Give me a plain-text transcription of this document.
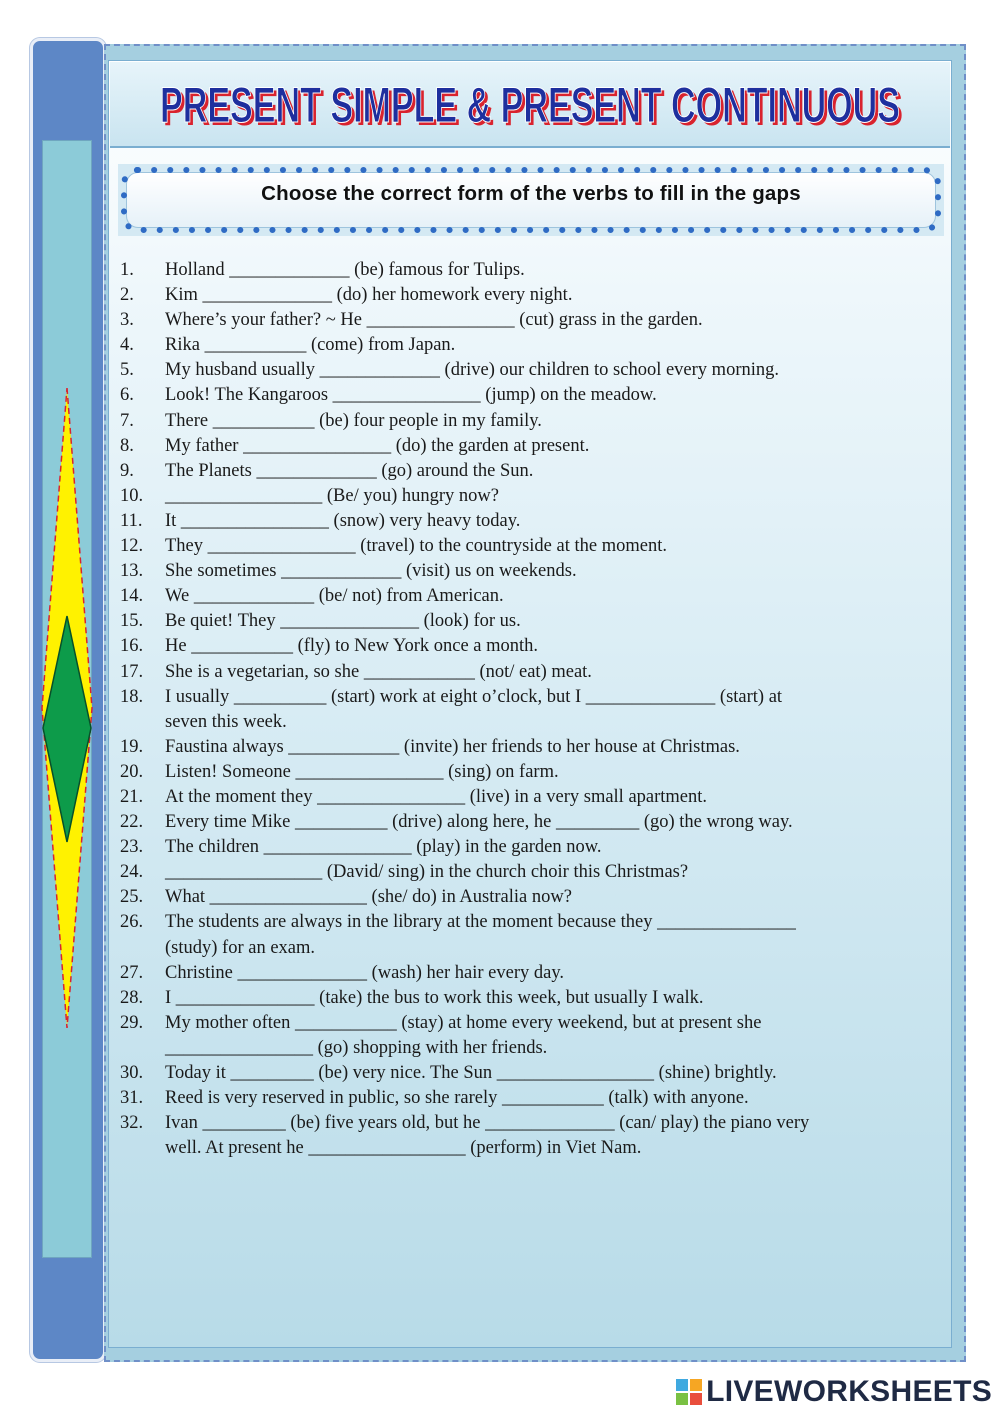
PRESENT SIMPLE & PRESENT CONTINUOUS
PRESENT SIMPLE & PRESENT CONTINUOUS
Choose the correct form of the verbs to fill in the gaps
1.	Holland _____________ (be) famous for Tulips.
2.	Kim ______________ (do) her homework every night.
3.	Where’s your father? ~ He ________________ (cut) grass in the garden.
4.	Rika ___________ (come) from Japan.
5.	My husband usually _____________ (drive) our children to school every morning.
6.	Look! The Kangaroos ________________ (jump) on the meadow.
7.	There ___________ (be) four people in my family.
8.	My father ________________ (do) the garden at present.
9.	The Planets _____________ (go) around the Sun.
10.	_________________ (Be/ you) hungry now?
11.	It ________________ (snow) very heavy today.
12.	They ________________ (travel) to the countryside at the moment.
13.	She sometimes _____________ (visit) us on weekends.
14.	We _____________ (be/ not) from American.
15.	Be quiet! They _______________ (look) for us.
16.	He ___________ (fly) to New York once a month.
17.	She is a vegetarian, so she ____________ (not/ eat) meat.
18.	I usually __________ (start) work at eight o’clock, but I ______________ (start) at
seven this week.
19.	Faustina always ____________ (invite) her friends to her house at Christmas.
20.	Listen! Someone ________________ (sing) on farm.
21.	At the moment they ________________ (live) in a very small apartment.
22.	Every time Mike __________ (drive) along here, he _________ (go) the wrong way.
23.	The children ________________ (play) in the garden now.
24.	_________________ (David/ sing) in the church choir this Christmas?
25.	What _________________ (she/ do) in Australia now?
26.	The students are always in the library at the moment because they _______________
(study) for an exam.
27.	Christine ______________ (wash) her hair every day.
28.	I _______________ (take) the bus to work this week, but usually I walk.
29.	My mother often ___________ (stay) at home every weekend, but at present she
________________ (go) shopping with her friends.
30.	Today it _________ (be) very nice. The Sun _________________ (shine) brightly.
31.	Reed is very reserved in public, so she rarely ___________ (talk) with anyone.
32.	Ivan _________ (be) five years old, but he ______________ (can/ play) the piano very
well. At present he _________________ (perform) in Viet Nam.
LIVEWORKSHEETS
